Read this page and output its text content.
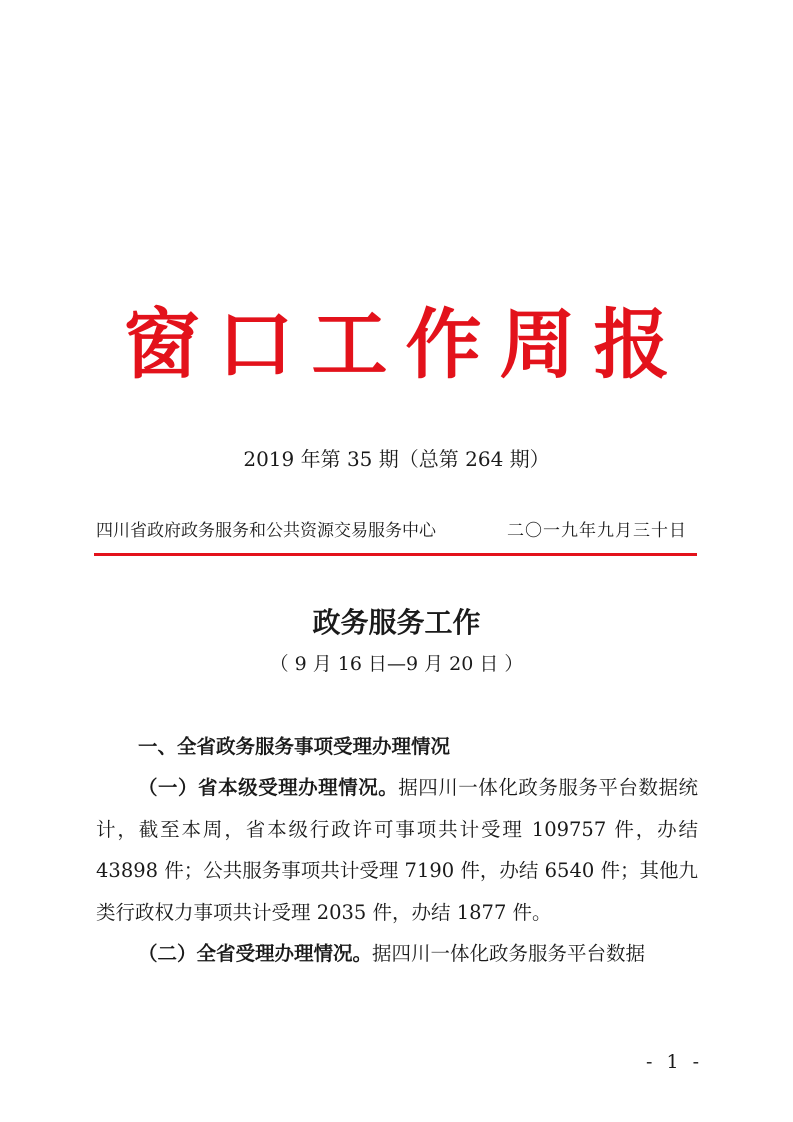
窗口工作周报
2019 年第 35 期（总第 264 期）
四川省政府政务服务和公共资源交易服务中心	二〇一九年九月三十日
政务服务工作
（ 9 月 16 日—9 月 20 日 ）
一、全省政务服务事项受理办理情况
（一）省本级受理办理情况。据四川一体化政务服务平台数据统计，截至本周，省本级行政许可事项共计受理 109757 件，办结 43898 件；公共服务事项共计受理 7190 件，办结 6540 件；其他九类行政权力事项共计受理 2035 件，办结 1877 件。
（二）全省受理办理情况。据四川一体化政务服务平台数据
- 1 -
